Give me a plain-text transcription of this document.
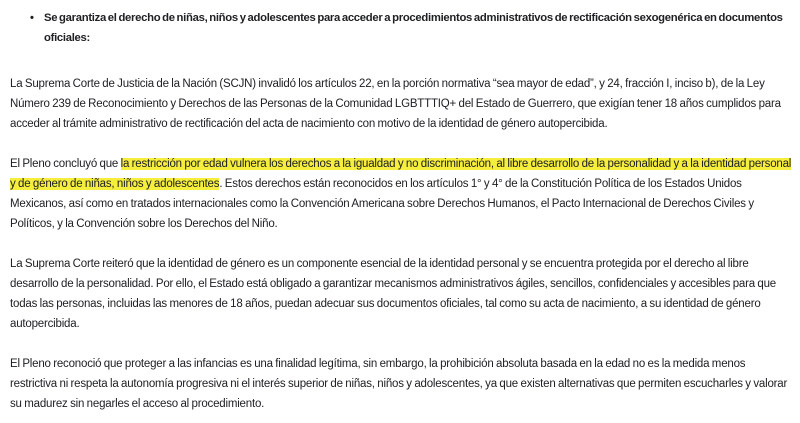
• Se garantiza el derecho de niñas, niños y adolescentes para acceder a procedimientos administrativos de rectificación sexogenérica en documentos oficiales:

La Suprema Corte de Justicia de la Nación (SCJN) invalidó los artículos 22, en la porción normativa “sea mayor de edad”, y 24, fracción I, inciso b), de la Ley Número 239 de Reconocimiento y Derechos de las Personas de la Comunidad LGBTTTIQ+ del Estado de Guerrero, que exigían tener 18 años cumplidos para acceder al trámite administrativo de rectificación del acta de nacimiento con motivo de la identidad de género autopercibida.

El Pleno concluyó que la restricción por edad vulnera los derechos a la igualdad y no discriminación, al libre desarrollo de la personalidad y a la identidad personal y de género de niñas, niños y adolescentes. Estos derechos están reconocidos en los artículos 1° y 4° de la Constitución Política de los Estados Unidos Mexicanos, así como en tratados internacionales como la Convención Americana sobre Derechos Humanos, el Pacto Internacional de Derechos Civiles y Políticos, y la Convención sobre los Derechos del Niño.

La Suprema Corte reiteró que la identidad de género es un componente esencial de la identidad personal y se encuentra protegida por el derecho al libre desarrollo de la personalidad. Por ello, el Estado está obligado a garantizar mecanismos administrativos ágiles, sencillos, confidenciales y accesibles para que todas las personas, incluidas las menores de 18 años, puedan adecuar sus documentos oficiales, tal como su acta de nacimiento, a su identidad de género autopercibida.

El Pleno reconoció que proteger a las infancias es una finalidad legítima, sin embargo, la prohibición absoluta basada en la edad no es la medida menos restrictiva ni respeta la autonomía progresiva ni el interés superior de niñas, niños y adolescentes, ya que existen alternativas que permiten escucharles y valorar su madurez sin negarles el acceso al procedimiento.
